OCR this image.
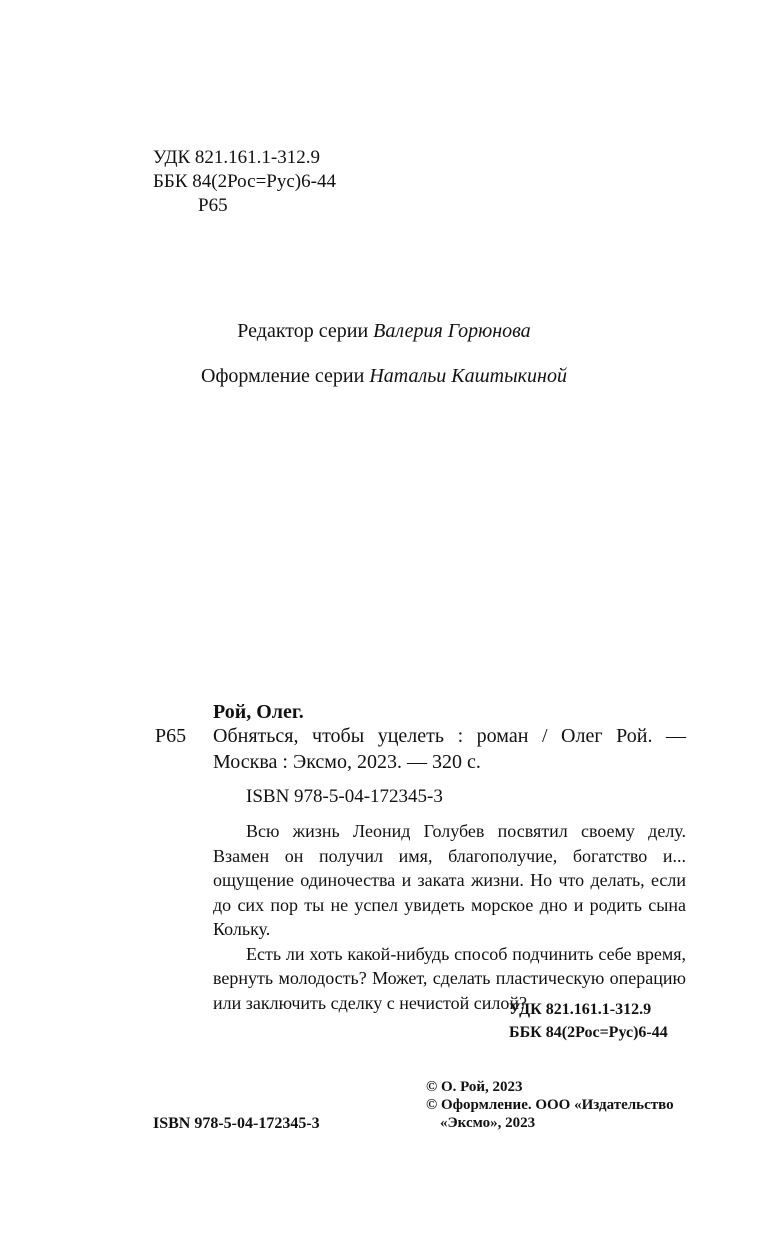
УДК 821.161.1-312.9
ББК 84(2Рос=Рус)6-44
Р65
Редактор серии Валерия Горюнова
Оформление серии Натальи Каштыкиной
Рой, Олег.
Р65 Обняться, чтобы уцелеть : роман / Олег Рой. —
Москва : Эксмо, 2023. — 320 с.
ISBN 978-5-04-172345-3

Всю жизнь Леонид Голубев посвятил своему делу. Взамен он получил имя, благополучие, богатство и... ощущение одиночества и заката жизни. Но что делать, если до сих пор ты не успел увидеть морское дно и родить сына Кольку.

Есть ли хоть какой-нибудь способ подчинить себе время, вернуть молодость? Может, сделать пластическую операцию или заключить сделку с нечистой силой?

УДК 821.161.1-312.9
ББК 84(2Рос=Рус)6-44
© О. Рой, 2023
© Оформление. ООО «Издательство
«Эксмо», 2023
ISBN 978-5-04-172345-3
